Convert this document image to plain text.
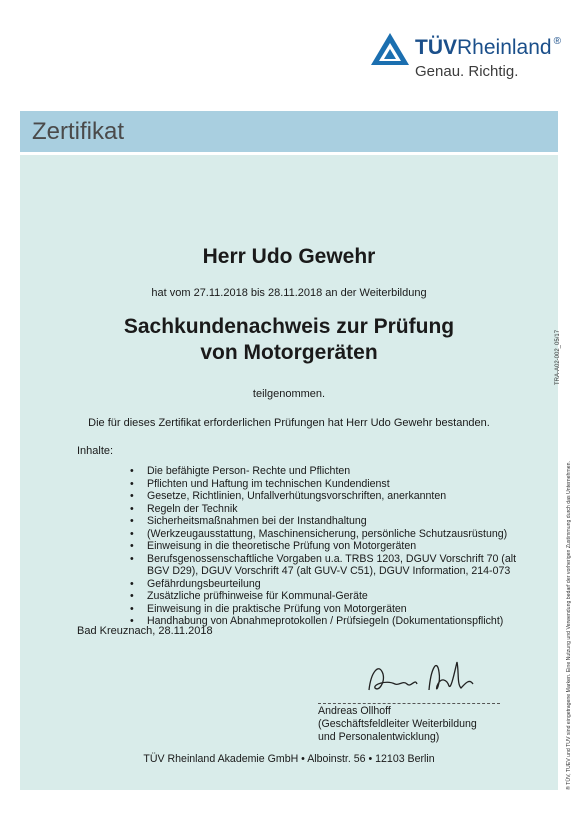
TÜVRheinland ®
Genau. Richtig.
Zertifikat
Herr Udo Gewehr
hat vom 27.11.2018 bis 28.11.2018 an der Weiterbildung
Sachkundenachweis zur Prüfung
von Motorgeräten
teilgenommen.
Die für dieses Zertifikat erforderlichen Prüfungen hat Herr Udo Gewehr bestanden.
Inhalte:
• Die befähigte Person- Rechte und Pflichten
• Pflichten und Haftung im technischen Kundendienst
• Gesetze, Richtlinien, Unfallverhütungsvorschriften, anerkannten
• Regeln der Technik
• Sicherheitsmaßnahmen bei der Instandhaltung
• (Werkzeugausstattung, Maschinensicherung, persönliche Schutzausrüstung)
• Einweisung in die theoretische Prüfung von Motorgeräten
• Berufsgenossenschaftliche Vorgaben u.a. TRBS 1203, DGUV Vorschrift 70 (alt BGV D29), DGUV Vorschrift 47 (alt GUV-V C51), DGUV Information, 214-073
• Gefährdungsbeurteilung
• Zusätzliche prüfhinweise für Kommunal-Geräte
• Einweisung in die praktische Prüfung von Motorgeräten
• Handhabung von Abnahmeprotokollen / Prüfsiegeln (Dokumentationspflicht)
Bad Kreuznach, 28.11.2018
Andreas Ollhoff
(Geschäftsfeldleiter Weiterbildung
und Personalentwicklung)
TÜV Rheinland Akademie GmbH • Alboinstr. 56 • 12103 Berlin
TRA-A02-002_05/17
® TÜV, TUEV und TUV sind eingetragene Marken. Eine Nutzung und Verwendung bedarf der vorherigen Zustimmung durch das Unternehmen.
